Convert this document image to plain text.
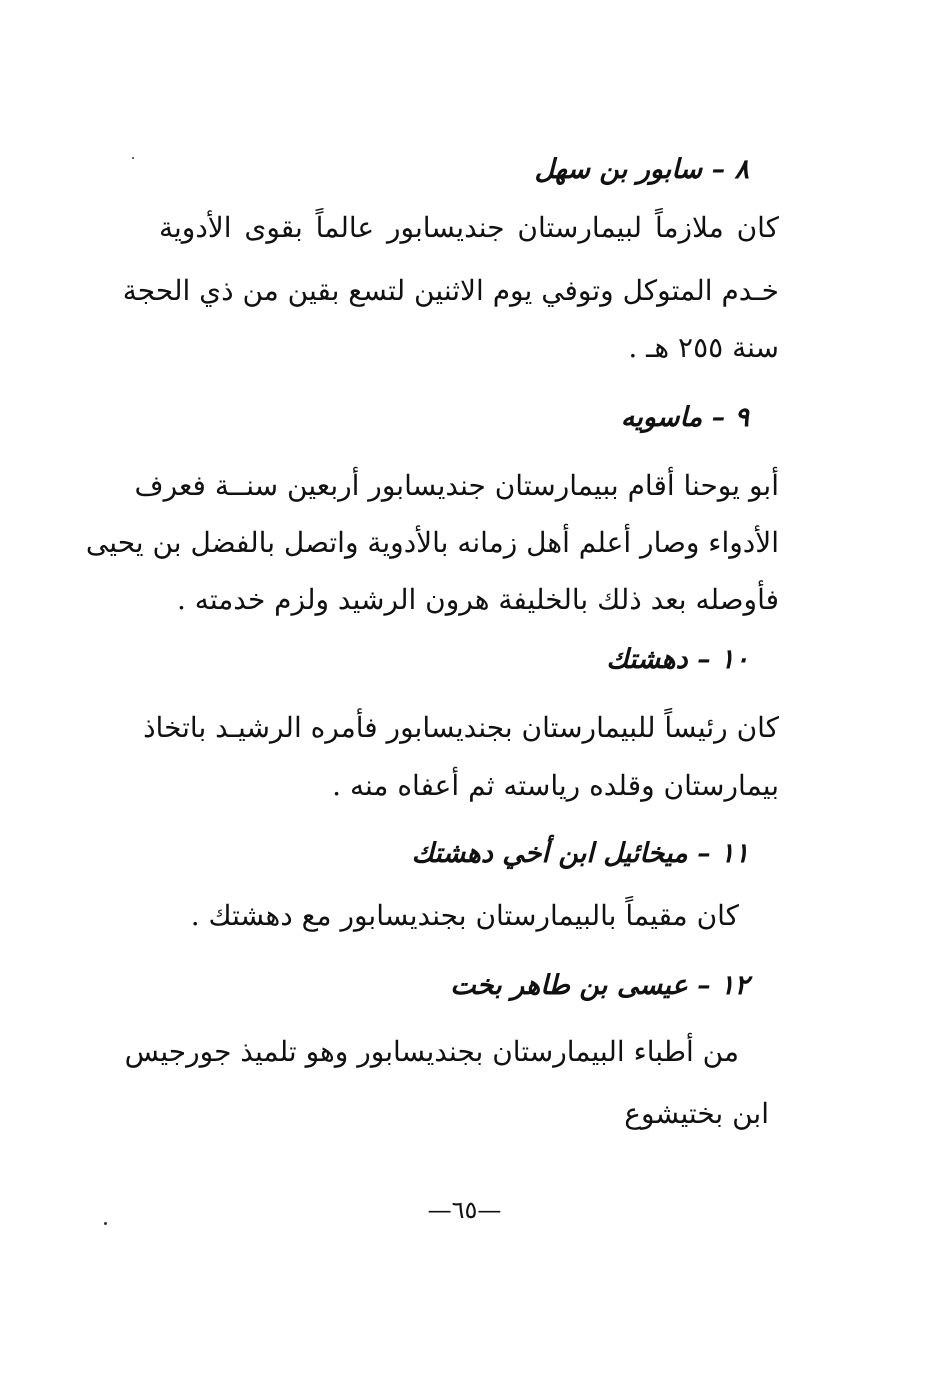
٨ – سابور بن سهل
كان ملازماً لبيمارستان جنديسابور عالماً بقوى الأدوية
خـدم المتوكل وتوفي يوم الاثنين لتسع بقين من ذي الحجة
سنة ٢٥٥ هـ .
٩ – ماسويه
أبو يوحنا أقام ببيمارستان جنديسابور أربعين سنــة فعرف
الأدواء وصار أعلم أهل زمانه بالأدوية واتصل بالفضل بن يحيى
فأوصله بعد ذلك بالخليفة هرون الرشيد ولزم خدمته .
١٠ – دهشتك
كان رئيساً للبيمارستان بجنديسابور فأمره الرشيـد باتخاذ
بيمارستان وقلده رياسته ثم أعفاه منه .
١١ – ميخائيل ابن أخي دهشتك
كان مقيماً بالبيمارستان بجنديسابور مع دهشتك .
١٢ – عيسى بن طاهر بخت
من أطباء البيمارستان بجنديسابور وهو تلميذ جورجيس
ابن بختيشوع
—٦٥—
